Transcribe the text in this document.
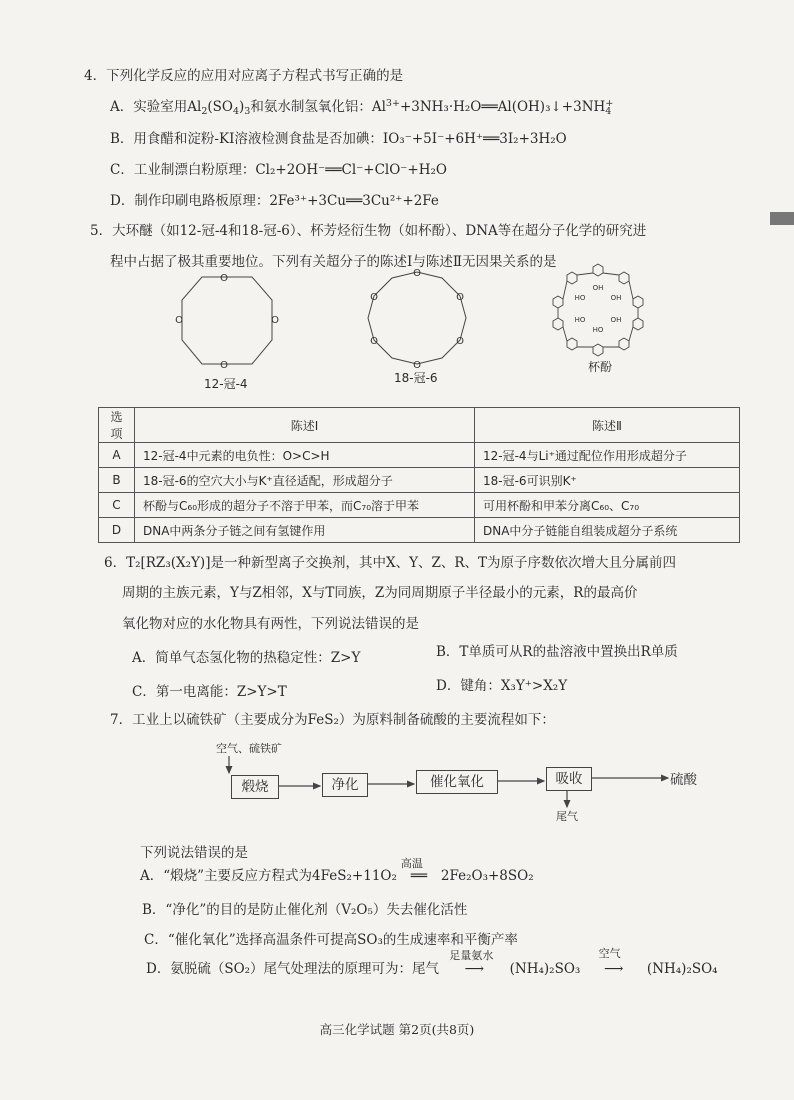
4．下列化学反应的应用对应离子方程式书写正确的是
A．实验室用$Al_2(SO_4)_3$和氨水制氢氧化铝：$Al^{3+}+3NH_3\cdot H_2O══Al(OH)_3↓+3NH_4^+$
B．用食醋和淀粉-KI溶液检测食盐是否加碘：IO₃⁻+5I⁻+6H⁺══3I₂+3H₂O
C．工业制漂白粉原理：Cl₂+2OH⁻══Cl⁻+ClO⁻+H₂O
D．制作印刷电路板原理：2Fe³⁺+3Cu══3Cu²⁺+2Fe
5．大环醚（如12-冠-4和18-冠-6）、杯芳烃衍生物（如杯酚）、DNA等在超分子化学的研究进
程中占据了极其重要地位。下列有关超分子的陈述Ⅰ与陈述Ⅱ无因果关系的是
O
O
O
O
12-冠-4
O
O
O
O
O
O
18-冠-6
OH
OH
HO
HO
HO
OH
杯酚
选项	陈述Ⅰ	陈述Ⅱ
A	12-冠-4中元素的电负性：O>C>H	12-冠-4与Li⁺通过配位作用形成超分子
B	18-冠-6的空穴大小与K⁺直径适配，形成超分子	18-冠-6可识别K⁺
C	杯酚与C₆₀形成的超分子不溶于甲苯，而C₇₀溶于甲苯	可用杯酚和甲苯分离C₆₀、C₇₀
D	DNA中两条分子链之间有氢键作用	DNA中分子链能自组装成超分子系统
6．T₂[RZ₃(X₂Y)]是一种新型离子交换剂，其中X、Y、Z、R、T为原子序数依次增大且分属前四
周期的主族元素，Y与Z相邻，X与T同族，Z为同周期原子半径最小的元素，R的最高价
氧化物对应的水化物具有两性，下列说法错误的是
A．简单气态氢化物的热稳定性：Z>Y	B．T单质可从R的盐溶液中置换出R单质
C．第一电离能：Z>Y>T	D．键角：X₃Y⁺>X₂Y
7．工业上以硫铁矿（主要成分为FeS₂）为原料制备硫酸的主要流程如下：
空气、硫铁矿
煅烧	净化	催化氧化	吸收	硫酸
尾气
下列说法错误的是
A．“煅烧”主要反应方程式为4FeS₂+11O₂
高温
══ 2Fe₂O₃+8SO₂
B．“净化”的目的是防止催化剂（V₂O₅）失去催化活性
C．“催化氧化”选择高温条件可提高SO₃的生成速率和平衡产率
D．氨脱硫（SO₂）尾气处理法的原理可为：尾气
足量氨水
⟶ (NH₄)₂SO₃
空气
⟶ (NH₄)₂SO₄
高三化学试题 第2页(共8页)
